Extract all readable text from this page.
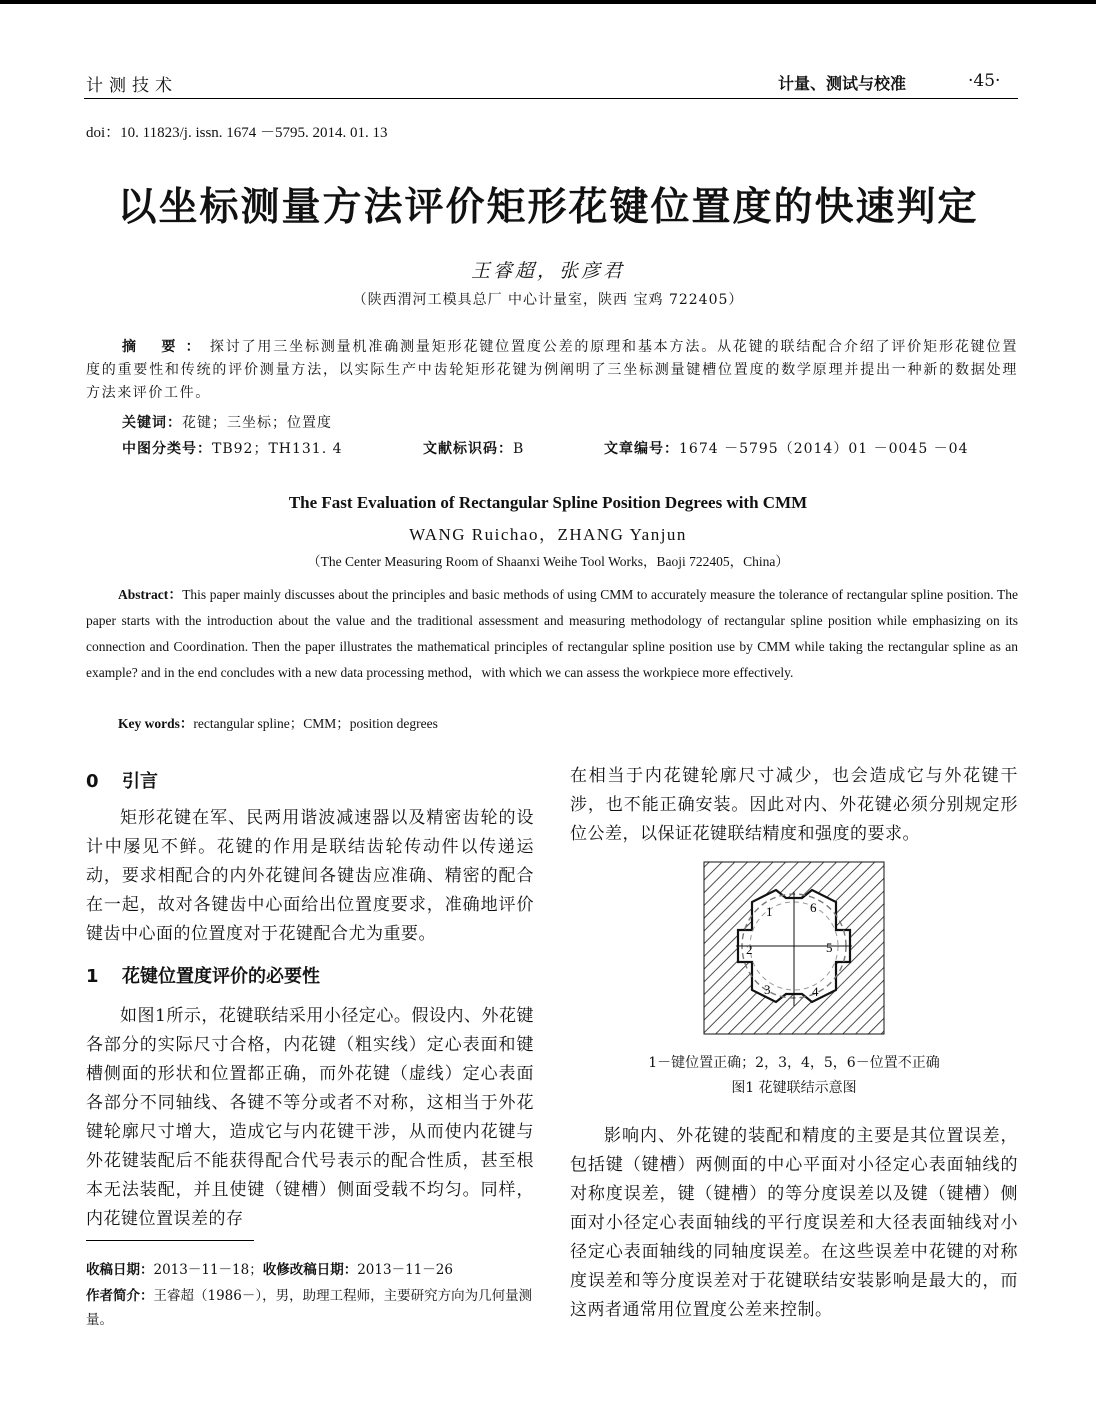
计测技术	计量、测试与校准	·45·
doi：10. 11823/j. issn. 1674 －5795. 2014. 01. 13
以坐标测量方法评价矩形花键位置度的快速判定
王睿超，张彦君
（陕西渭河工模具总厂 中心计量室，陕西 宝鸡 722405）
摘 要：探讨了用三坐标测量机准确测量矩形花键位置度公差的原理和基本方法。从花键的联结配合介绍了评价矩形花键位置度的重要性和传统的评价测量方法，以实际生产中齿轮矩形花键为例阐明了三坐标测量键槽位置度的数学原理并提出一种新的数据处理方法来评价工件。
关键词：花键；三坐标；位置度
中图分类号：TB92；TH131. 4	文献标识码：B	文章编号：1674 －5795（2014）01 －0045 －04
The Fast Evaluation of Rectangular Spline Position Degrees with CMM
WANG Ruichao，ZHANG Yanjun
（The Center Measuring Room of Shaanxi Weihe Tool Works，Baoji 722405，China）
Abstract：This paper mainly discusses about the principles and basic methods of using CMM to accurately measure the tolerance of rectangular spline position. The paper starts with the introduction about the value and the traditional assessment and measuring methodology of rectangular spline position while emphasizing on its connection and Coordination. Then the paper illustrates the mathematical principles of rectangular spline position use by CMM while taking the rectangular spline as an example? and in the end concludes with a new data processing method，with which we can assess the workpiece more effectively.
Key words：rectangular spline；CMM；position degrees
0 引言

矩形花键在军、民两用谐波减速器以及精密齿轮的设计中屡见不鲜。花键的作用是联结齿轮传动件以传递运动，要求相配合的内外花键间各键齿应准确、精密的配合在一起，故对各键齿中心面给出位置度要求，准确地评价键齿中心面的位置度对于花键配合尤为重要。

1 花键位置度评价的必要性

如图1所示，花键联结采用小径定心。假设内、外花键各部分的实际尺寸合格，内花键（粗实线）定心表面和键槽侧面的形状和位置都正确，而外花键（虚线）定心表面各部分不同轴线、各键不等分或者不对称，这相当于外花键轮廓尺寸增大，造成它与内花键干涉，从而使内花键与外花键装配后不能获得配合代号表示的配合性质，甚至根本无法装配，并且使键（键槽）侧面受载不均匀。同样，内花键位置误差的存

收稿日期：2013－11－18；收修改稿日期：2013－11－26
作者简介：王睿超（1986－），男，助理工程师，主要研究方向为几何量测量。

在相当于内花键轮廓尺寸减少，也会造成它与外花键干涉，也不能正确安装。因此对内、外花键必须分别规定形位公差，以保证花键联结精度和强度的要求。

1
2
3	4
5
6
1－键位置正确；2，3，4，5，6－位置不正确
图1 花键联结示意图

影响内、外花键的装配和精度的主要是其位置误差，包括键（键槽）两侧面的中心平面对小径定心表面轴线的对称度误差，键（键槽）的等分度误差以及键（键槽）侧面对小径定心表面轴线的平行度误差和大径表面轴线对小径定心表面轴线的同轴度误差。在这些误差中花键的对称度误差和等分度误差对于花键联结安装影响是最大的，而这两者通常用位置度公差来控制。
